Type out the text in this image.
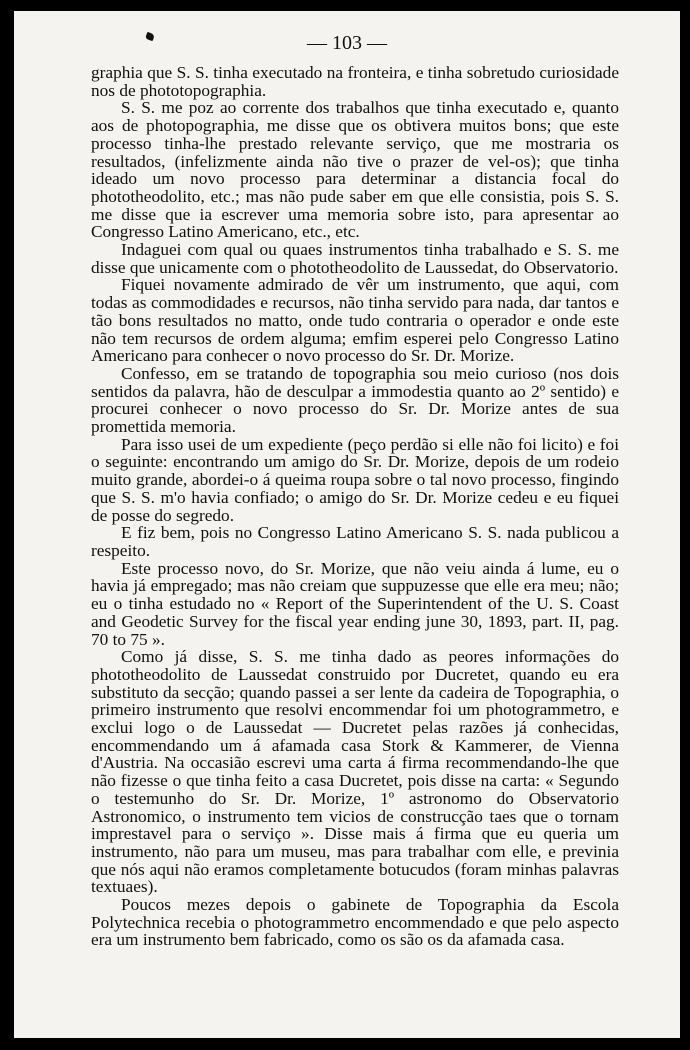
— 103 —

graphia que S. S. tinha executado na fronteira, e tinha sobretudo curiosidade nos de phototopographia.

S. S. me poz ao corrente dos trabalhos que tinha executado e, quanto aos de photopographia, me disse que os obtivera muitos bons; que este processo tinha-lhe prestado relevante serviço, que me mostraria os resultados, (infelizmente ainda não tive o prazer de vel-os); que tinha ideado um novo processo para determinar a distancia focal do phototheodolito, etc.; mas não pude saber em que elle consistia, pois S. S. me disse que ia escrever uma memoria sobre isto, para apresentar ao Congresso Latino Americano, etc., etc.

Indaguei com qual ou quaes instrumentos tinha trabalhado e S. S. me disse que unicamente com o phototheodolito de Laussedat, do Observatorio.

Fiquei novamente admirado de vêr um instrumento, que aqui, com todas as commodidades e recursos, não tinha servido para nada, dar tantos e tão bons resultados no matto, onde tudo contraria o operador e onde este não tem recursos de ordem alguma; emfim esperei pelo Congresso Latino Americano para conhecer o novo processo do Sr. Dr. Morize.

Confesso, em se tratando de topographia sou meio curioso (nos dois sentidos da palavra, hão de desculpar a immodestia quanto ao 2º sentido) e procurei conhecer o novo processo do Sr. Dr. Morize antes de sua promettida memoria.

Para isso usei de um expediente (peço perdão si elle não foi licito) e foi o seguinte: encontrando um amigo do Sr. Dr. Morize, depois de um rodeio muito grande, abordei-o á queima roupa sobre o tal novo processo, fingindo que S. S. m'o havia confiado; o amigo do Sr. Dr. Morize cedeu e eu fiquei de posse do segredo.

E fiz bem, pois no Congresso Latino Americano S. S. nada publicou a respeito.

Este processo novo, do Sr. Morize, que não veiu ainda á lume, eu o havia já empregado; mas não creiam que suppuzesse que elle era meu; não; eu o tinha estudado no « Report of the Superintendent of the U. S. Coast and Geodetic Survey for the fiscal year ending june 30, 1893, part. II, pag. 70 to 75 ».

Como já disse, S. S. me tinha dado as peores informações do phototheodolito de Laussedat construido por Ducretet, quando eu era substituto da secção; quando passei a ser lente da cadeira de Topographia, o primeiro instrumento que resolvi encommendar foi um photogrammetro, e exclui logo o de Laussedat — Ducretet pelas razões já conhecidas, encommendando um á afamada casa Stork & Kammerer, de Vienna d'Austria. Na occasião escrevi uma carta á firma recommendando-lhe que não fizesse o que tinha feito a casa Ducretet, pois disse na carta: « Segundo o testemunho do Sr. Dr. Morize, 1º astronomo do Observatorio Astronomico, o instrumento tem vicios de construcção taes que o tornam imprestavel para o serviço ». Disse mais á firma que eu queria um instrumento, não para um museu, mas para trabalhar com elle, e previnia que nós aqui não eramos completamente botucudos (foram minhas palavras textuaes).

Poucos mezes depois o gabinete de Topographia da Escola Polytechnica recebia o photogrammetro encommendado e que pelo aspecto era um instrumento bem fabricado, como os são os da afamada casa.
